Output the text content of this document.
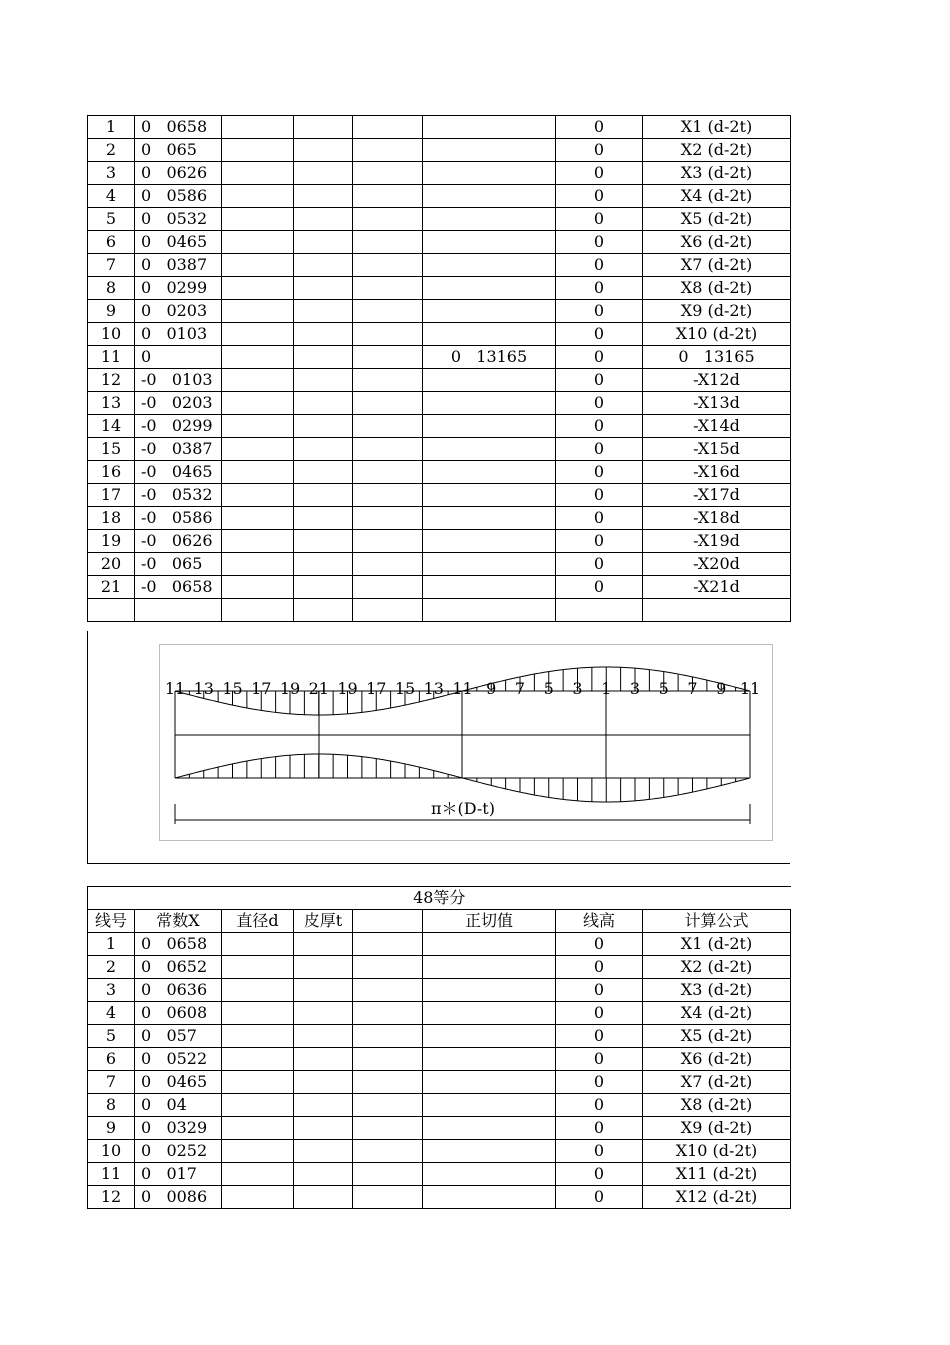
1	0   0658					0	X1 (d-2t)
2	0   065					0	X2 (d-2t)
3	0   0626					0	X3 (d-2t)
4	0   0586					0	X4 (d-2t)
5	0   0532					0	X5 (d-2t)
6	0   0465					0	X6 (d-2t)
7	0   0387					0	X7 (d-2t)
8	0   0299					0	X8 (d-2t)
9	0   0203					0	X9 (d-2t)
10	0   0103					0	X10 (d-2t)
11	0				0   13165	0	0   13165
12	-0   0103					0	-X12d
13	-0   0203					0	-X13d
14	-0   0299					0	-X14d
15	-0   0387					0	-X15d
16	-0   0465					0	-X16d
17	-0   0532					0	-X17d
18	-0   0586					0	-X18d
19	-0   0626					0	-X19d
20	-0   065					0	-X20d
21	-0   0658					0	-X21d

11 13 15 17 19 21 19 17 15 13 11 9 7 5 3 1 3 5 7 9 11
π＊(D-t)
48等分							
线号	常数X	直径d	皮厚t		正切值	线高	计算公式
1	0   0658					0	X1 (d-2t)
2	0   0652					0	X2 (d-2t)
3	0   0636					0	X3 (d-2t)
4	0   0608					0	X4 (d-2t)
5	0   057					0	X5 (d-2t)
6	0   0522					0	X6 (d-2t)
7	0   0465					0	X7 (d-2t)
8	0   04					0	X8 (d-2t)
9	0   0329					0	X9 (d-2t)
10	0   0252					0	X10 (d-2t)
11	0   017					0	X11 (d-2t)
12	0   0086					0	X12 (d-2t)
